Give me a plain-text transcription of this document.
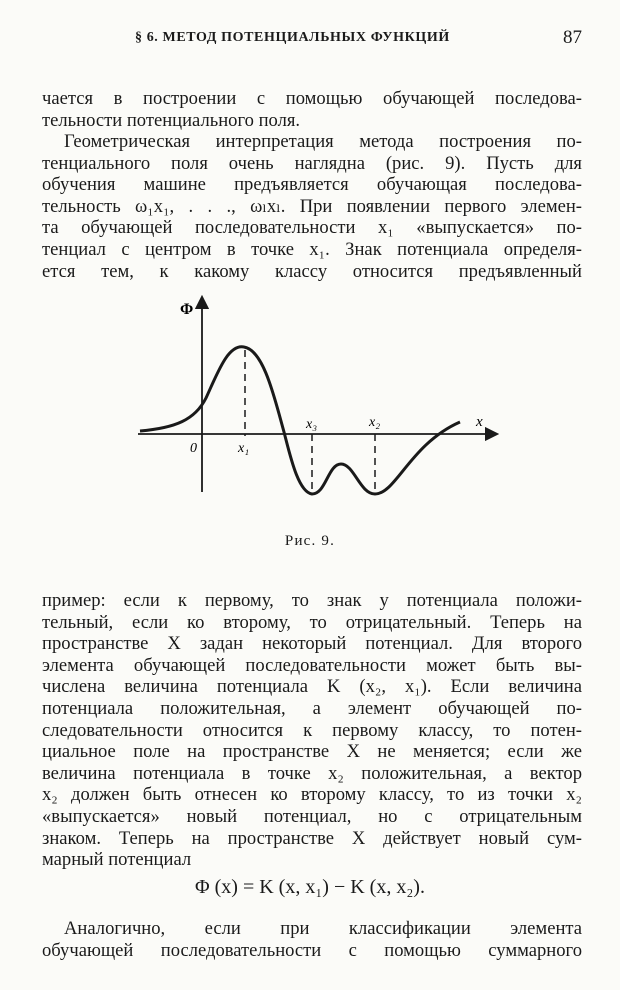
§ 6. МЕТОД ПОТЕНЦИАЛЬНЫХ ФУНКЦИЙ	87
чается в построении с помощью обучающей последова-
тельности потенциального поля.
Геометрическая интерпретация метода построения по-
тенциального поля очень наглядна (рис. 9). Пусть для
обучения машине предъявляется обучающая последова-
тельность ω₁x₁, . . ., ωₗxₗ. При появлении первого элемен-
та обучающей последовательности x₁ «выпускается» по-
тенциал с центром в точке x₁. Знак потенциала определя-
ется тем, к какому классу относится предъявленный
Φ
x
0	x₁
x₃	x₂
Рис. 9.
пример: если к первому, то знак у потенциала положи-
тельный, если ко второму, то отрицательный. Теперь на
пространстве X задан некоторый потенциал. Для второго
элемента обучающей последовательности может быть вы-
числена величина потенциала K (x₂, x₁). Если величина
потенциала положительная, а элемент обучающей по-
следовательности относится к первому классу, то потен-
циальное поле на пространстве X не меняется; если же
величина потенциала в точке x₂ положительная, а вектор
x₂ должен быть отнесен ко второму классу, то из точки x₂
«выпускается» новый потенциал, но с отрицательным
знаком. Теперь на пространстве X действует новый сум-
марный потенциал
Φ (x) = K (x, x₁) − K (x, x₂).
Аналогично, если при классификации элемента
обучающей последовательности с помощью суммарного
